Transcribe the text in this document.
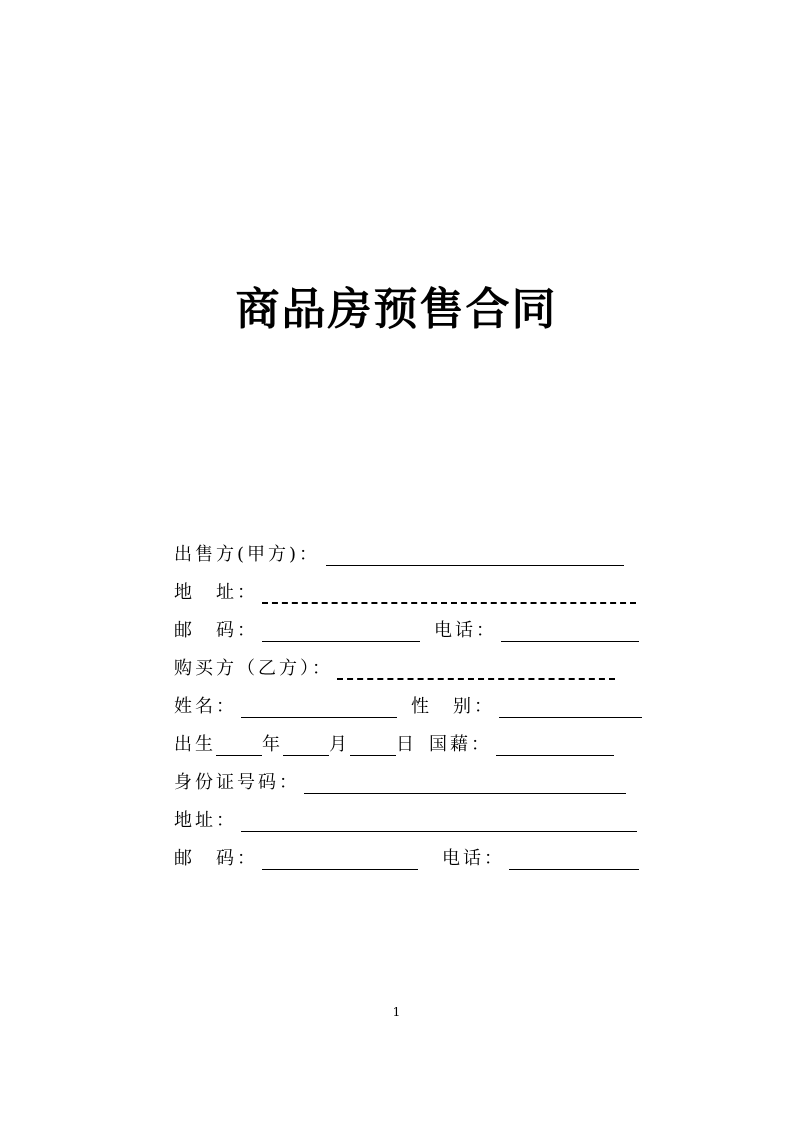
商品房预售合同
出售方(甲方)：
地　址：
邮　码：	电话：
购买方（乙方）：
姓名：	性　别：
出生	年	月	日 国藉：
身份证号码：
地址：
邮　码：	电话：
1
